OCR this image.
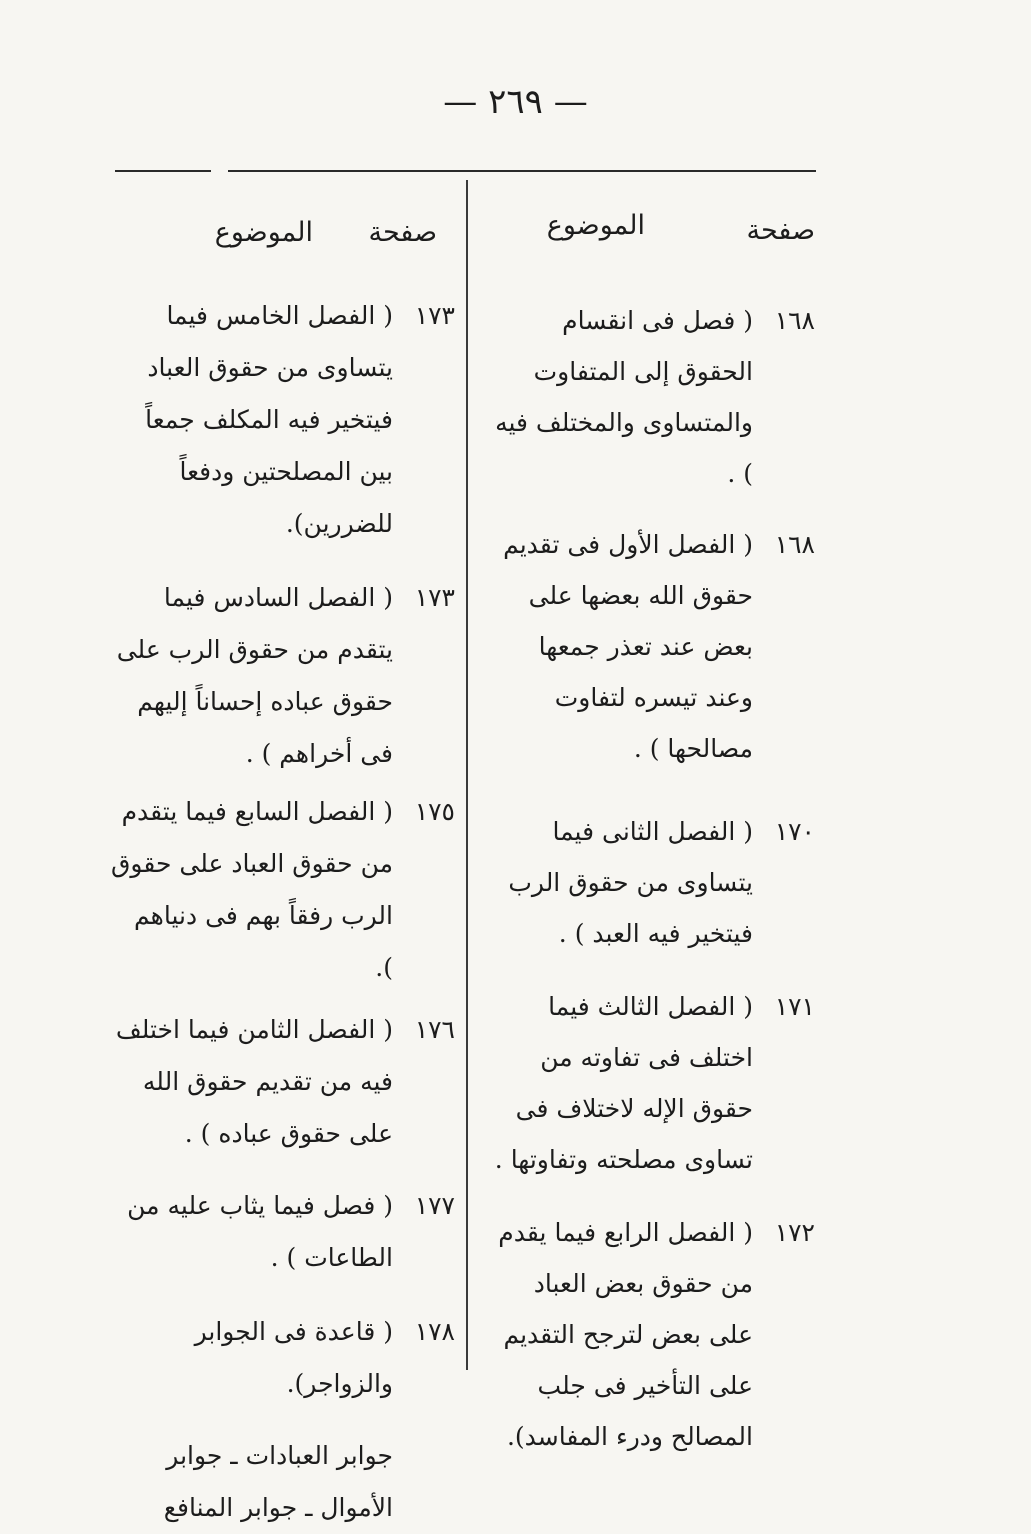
— ٢٦٩ —
صفحة
الموضوع
١٦٨
( فصل فى انقسام الحقوق إلى المتفاوت والمتساوى والمختلف فيه ) .
١٦٨
( الفصل الأول فى تقديم حقوق الله بعضها على بعض عند تعذر جمعها وعند تيسره لتفاوت مصالحها ) .
١٧٠
( الفصل الثانى فيما يتساوى من حقوق الرب فيتخير فيه العبد ) .
١٧١
( الفصل الثالث فيما اختلف فى تفاوته من حقوق الإله لاختلاف فى تساوى مصلحته وتفاوتها .
١٧٢
( الفصل الرابع فيما يقدم من حقوق بعض العباد على بعض لترجح التقديم على التأخير فى جلب المصالح ودرء المفاسد).
صفحة
الموضوع
١٧٣
( الفصل الخامس فيما يتساوى من حقوق العباد فيتخير فيه المكلف جمعاً بين المصلحتين ودفعاً للضررين).
١٧٣
( الفصل السادس فيما يتقدم من حقوق الرب على حقوق عباده إحساناً إليهم فى أخراهم ) .
١٧٥
( الفصل السابع فيما يتقدم من حقوق العباد على حقوق الرب رفقاً بهم فى دنياهم ).
١٧٦
( الفصل الثامن فيما اختلف فيه من تقديم حقوق الله على حقوق عباده ) .
١٧٧
( فصل فيما يثاب عليه من الطاعات ) .
١٧٨
( قاعدة فى الجوابر والزواجر).
جوابر العبادات ـ جوابر الأموال ـ جوابر المنافع
